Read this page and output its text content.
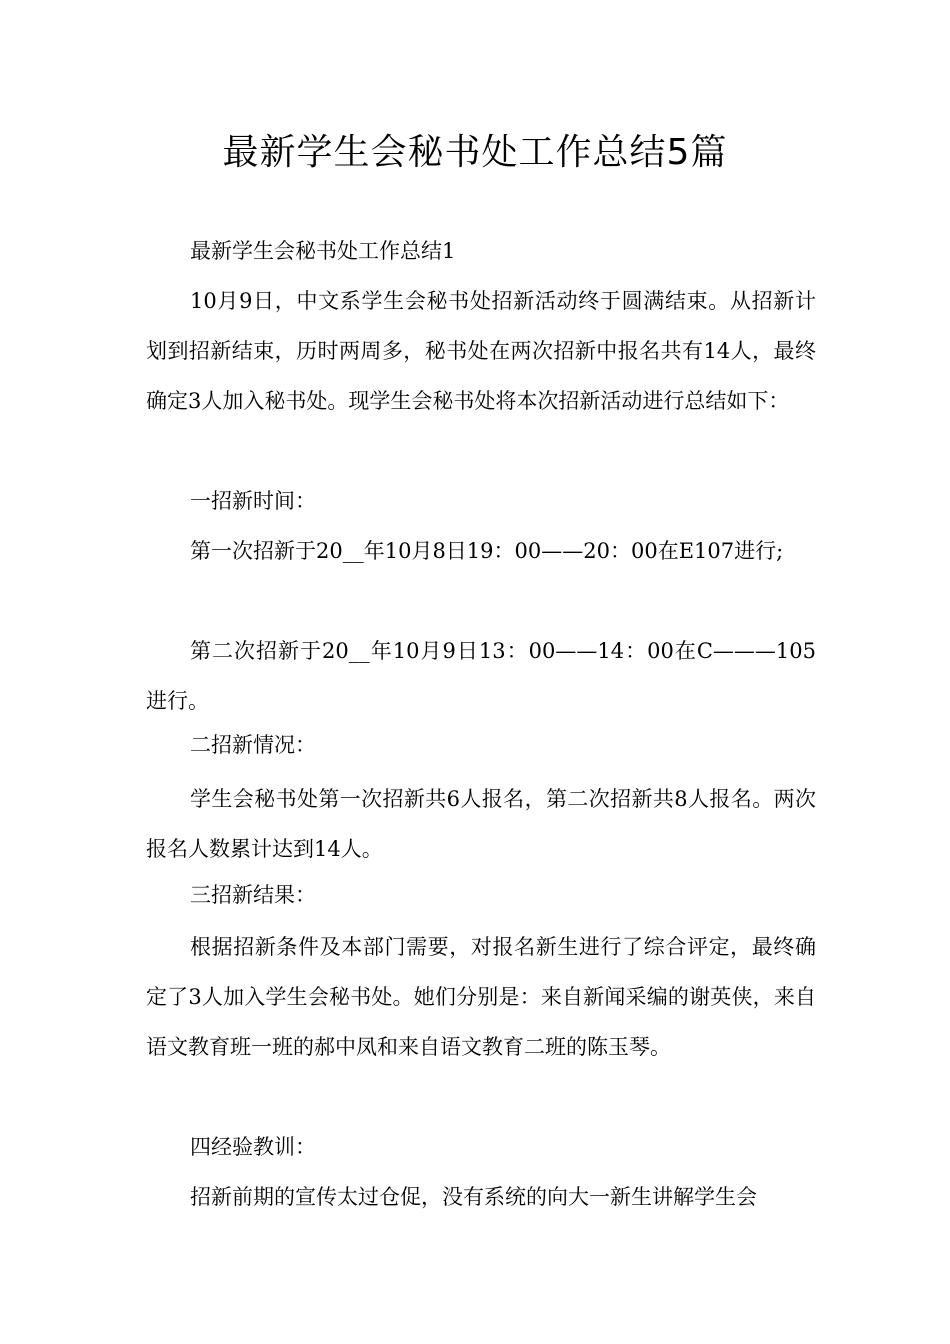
最新学生会秘书处工作总结5篇

最新学生会秘书处工作总结1

10月9日，中文系学生会秘书处招新活动终于圆满结束。从招新计划到招新结束，历时两周多，秘书处在两次招新中报名共有14人，最终确定3人加入秘书处。现学生会秘书处将本次招新活动进行总结如下：

一招新时间：

第一次招新于20__年10月8日19：00——20：00在E107进行;

第二次招新于20__年10月9日13：00——14：00在C———105进行。

二招新情况：

学生会秘书处第一次招新共6人报名，第二次招新共8人报名。两次报名人数累计达到14人。

三招新结果：

根据招新条件及本部门需要，对报名新生进行了综合评定，最终确定了3人加入学生会秘书处。她们分别是：来自新闻采编的谢英侠，来自语文教育班一班的郝中凤和来自语文教育二班的陈玉琴。

四经验教训：

招新前期的宣传太过仓促，没有系统的向大一新生讲解学生会
